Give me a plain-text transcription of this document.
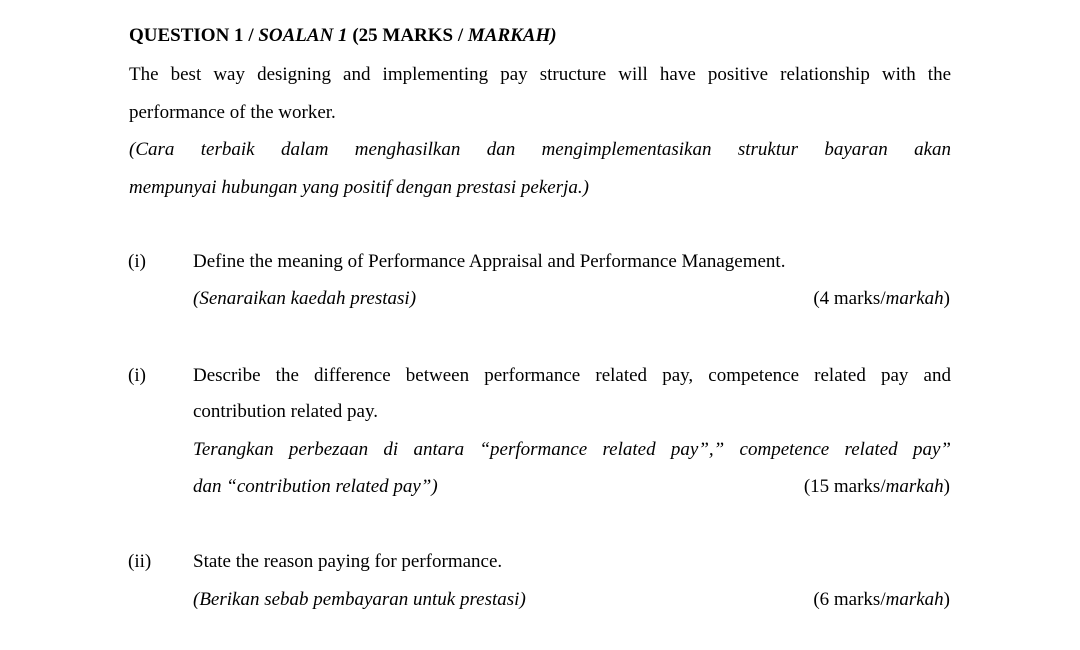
QUESTION 1 / SOALAN 1 (25 MARKS / MARKAH)
The best way designing and implementing pay structure will have positive relationship with the
performance of the worker.
(Cara terbaik dalam menghasilkan dan mengimplementasikan struktur bayaran akan
mempunyai hubungan yang positif dengan prestasi pekerja.)
(i) Define the meaning of Performance Appraisal and Performance Management.
(Senaraikan kaedah prestasi)	(4 marks/markah)
(i) Describe the difference between performance related pay, competence related pay and
contribution related pay.
Terangkan perbezaan di antara “performance related pay”,” competence related pay”
dan “contribution related pay”)	(15 marks/markah)
(ii) State the reason paying for performance.
(Berikan sebab pembayaran untuk prestasi)	(6 marks/markah)
